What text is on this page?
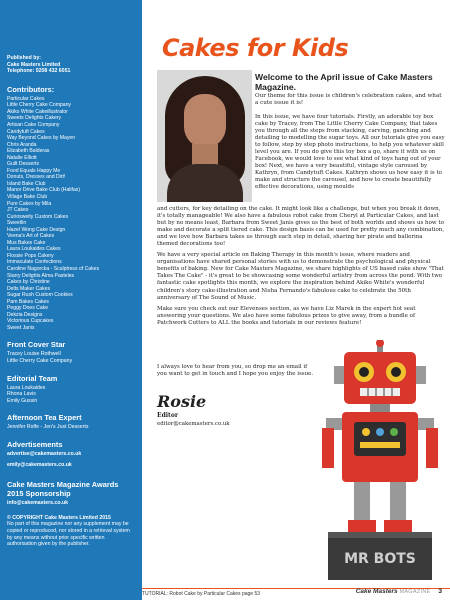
Published by:
Cake Masters Limited
Telephone: 0208 432 6051
Contributors:
Particular Cakes
Little Cherry Cake Company
Akiko White Cakeillustrator
Sweets Delights Cakery
Artisan Cake Company
Candytuft Cakes
Way Beyond Cakes by Mayen
Chris Aranda
Elizabeth Balderas
Natalie Elliott
Guilt Desserts
Food Equals Happy Me
Donuts, Dresses and Dirt!
Island Bake Club
Manor Drive Bake Club (Halifax)
Village Bake Club
Pure Cakes by Mila
JT Cakes
Curiosweity Custom Cakes
Sweetlin
Hazel Wong Cake Design
Veena's Art of Cakes
Mus Bakes Cake
Laura Loukaides Cakes
Flossie Pops Cakery
Immaculate Confections
Caroline Nagorcka - Sculptress of Cakes
Starry Delights Alma Pasteles
Cakes by Christine
Delts Maker Cakes
Sugar Rush Custom Cookies
Pam Bakes Cakes
Peggy Does Cake
Dekzia Designs
Victorious Cupcakes
Sweet Janis
Front Cover Star
Tracey Louise Rothwell
Little Cherry Cake Company
Editorial Team
Laura Loukaides
Rhona Lavis
Emily Gussin
Afternoon Tea Expert
Jennifer Rolfe - Jen's Just Desserts
Advertisements
advertise@cakemasters.co.uk
emily@cakemasters.co.uk
Cake Masters Magazine Awards 2015 Sponsorship
info@cakemasters.co.uk
© COPYRIGHT Cake Masters Limited 2015
No part of this magazine nor any supplement may be copied or reproduced, nor stored in a retrieval system by any means without prior specific written authorisation given by the publisher.
Cakes for Kids
Welcome to the April issue of Cake Masters Magazine.
Our theme for this issue is children's celebration cakes, and what a cute issue it is!
In this issue, we have four tutorials. Firstly, an adorable toy box cake by Tracey, from The Little Cherry Cake Company, that takes you through all the steps from stacking, carving, ganching and detailing to modelling the sugar toys. All our tutorials give you easy to follow, step by step photo instructions, to help you whatever skill level you are. If you do give this toy box a go, share it with us on Facebook, we would love to see what kind of toys hang out of your box! Next, we have a very beautiful, vintage style carousel by Kathryn, from Candytuft Cakes. Kathryn shows us how easy it is to make and structure the carousel, and how to create beautifully effective decorations, using moulds
and cutters, for key detailing on the cake. It might look like a challenge, but when you break it down, it's totally manageable! We also have a fabulous robot cake from Cheryl at Particular Cakes, and last but by no means least, Barbara from Sweet Janis gives us the best of both worlds and shows us how to make and decorate a split tiered cake. This design basis can be used for pretty much any combination, and we love how Barbara takes us through each step in detail, sharing her pirate and ballerina themed decorations too!
We have a very special article on Baking Therapy in this month's issue, where readers and organisations have shared personal stories with us to demonstrate the psychological and physical benefits of baking. New for Cake Masters Magazine, we share highlights of US based cake show "That Takes The Cake" - it's great to be showcasing some wonderful artistry from across the pond. With two fantastic cake spotlights this month, we explore the inspiration behind Akiko White's wonderful children's story cake-illustration and Nisha Fernando's fabulous cake to celebrate the 50th anniversary of The Sound of Music.
Make sure you check out our Elevenses section, as we have Liz Marek in the expert hot seat answering your questions. We also have some fabulous prizes to give away, from a bundle of Patchwork Cutters to ALL the books and tutorials in our reviews feature!
I always love to hear from you, so drop me an email if you want to get in touch and I hope you enjoy the issue.
Rosie
Editor
editor@cakemasters.co.uk
MR BOTS
TUTORIAL: Robot Cake by Particular Cakes page 53	Cake Masters MAGAZINE 3
